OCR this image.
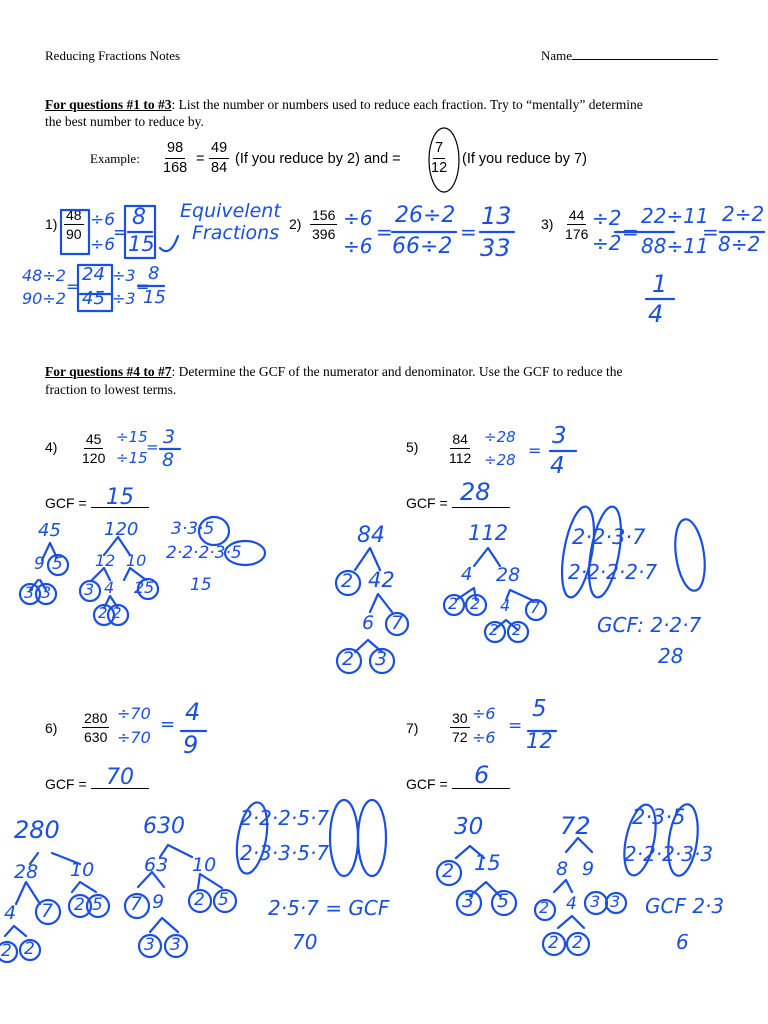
Reducing Fractions Notes	Name
For questions #1 to #3: List the number or numbers used to reduce each fraction. Try to “mentally” determine
the best number to reduce by.
Example: $\frac{98}{168} = \frac{49}{84} (If$ you reduce by 2) and = $\frac{7}{12} (If$ you reduce by 7)
$1) \frac{48}{90}$	$2) \frac{156}{396}$	$3) \frac{44}{176}$
For questions #4 to #7: Determine the GCF of the numerator and denominator. Use the GCF to reduce the
fraction to lowest terms.
$4) \frac{45}{120}$
GCF =
$5) \frac{84}{112}$
GCF =
$6) \frac{280}{630}$
GCF =
$7) \frac{30}{72}$
GCF =
÷6
÷6
=
8
15
Equivelent
Fractions
48÷2
90÷2
=
24
45
÷3
÷3
=
8
15
÷6
÷6
=
26÷2
66÷2
=
13
33
÷2
÷2 =
22÷11
88÷11
=
2÷2
8÷2
1
4
÷15
÷15
= 3
8
15
45
9 5
3 3
120
12 10
3 4 2 5
2 2
3·3·5
2·2·2·3·5
15
÷28
÷28 =
3
4
28
84
2 42
6 7
2 3
112
4 28
2 2 4 7
2 2
2·2·3·7
2·2·2·2·7
GCF: 2·2·7
28
÷70
÷70
= 4
9
70
280
28 10
4 7 2 5
2 2
630
63 10
7 9 2 5
3 3
2·2·2·5·7
2·3·3·5·7
2·5·7 = GCF
70
÷6
÷6
=
5
12
6
30
2 15
3 5
72
8 9
2 4 3 3
2 2
2·3·5
2·2·2·3·3
GCF 2·3
6
